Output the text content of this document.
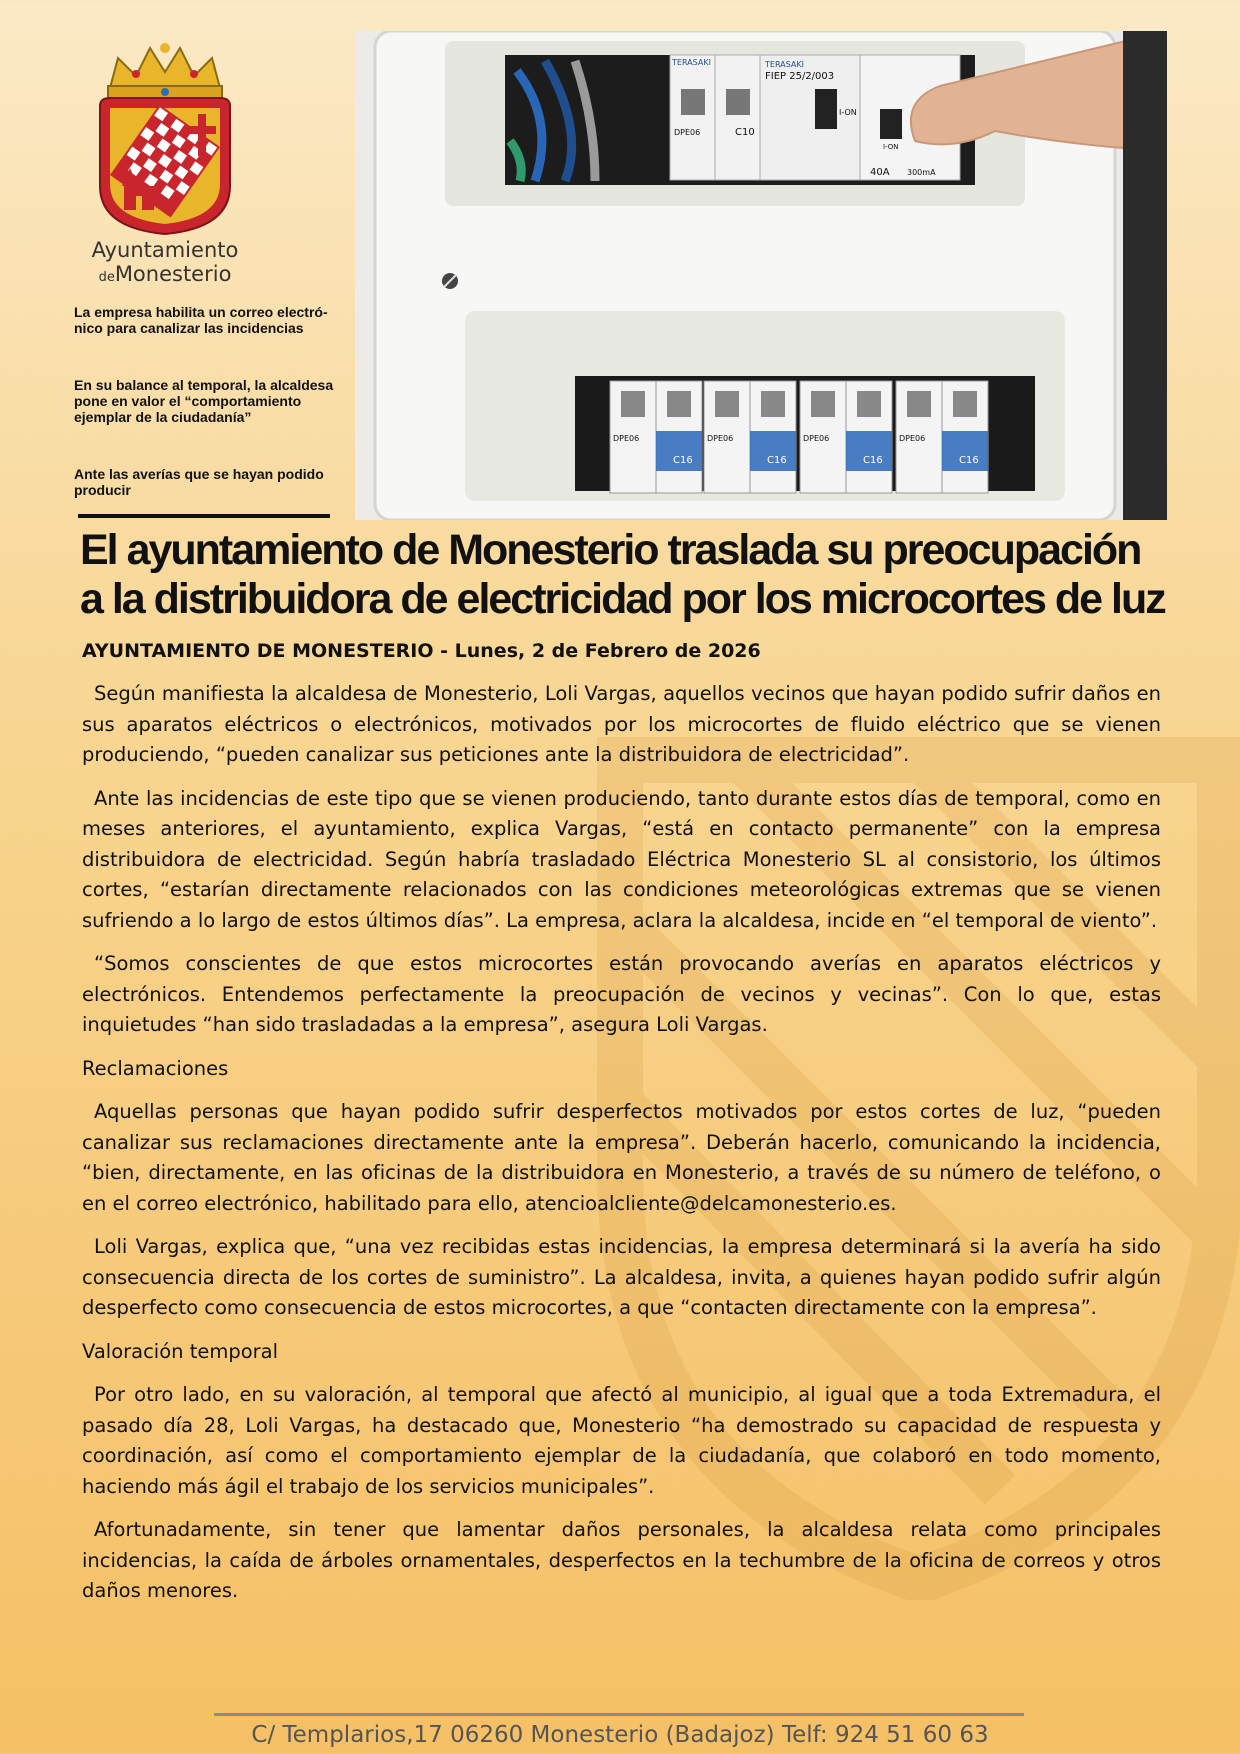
Ayuntamiento
deMonesterio

La empresa habilita un correo electró-nico para canalizar las incidencias

En su balance al temporal, la alcaldesa pone en valor el “comportamiento ejemplar de la ciudadanía”

Ante las averías que se hayan podido producir

TERASAKI
DPE06	C10
TERASAKI
FIEP 25/2/003
I-ON
I-ON
40A 300mA
DPE06	DPE06	DPE06	DPE06
C16	C16	C16	C16
El ayuntamiento de Monesterio traslada su preocupación
a la distribuidora de electricidad por los microcortes de luz

AYUNTAMIENTO DE MONESTERIO - Lunes, 2 de Febrero de 2026

Según manifiesta la alcaldesa de Monesterio, Loli Vargas, aquellos vecinos que hayan podido sufrir daños en sus aparatos eléctricos o electrónicos, motivados por los microcortes de fluido eléctrico que se vienen produciendo, “pueden canalizar sus peticiones ante la distribuidora de electricidad”.

Ante las incidencias de este tipo que se vienen produciendo, tanto durante estos días de temporal, como en meses anteriores, el ayuntamiento, explica Vargas, “está en contacto permanente” con la empresa distribuidora de electricidad. Según habría trasladado Eléctrica Monesterio SL al consistorio, los últimos cortes, “estarían directamente relacionados con las condiciones meteorológicas extremas que se vienen sufriendo a lo largo de estos últimos días”. La empresa, aclara la alcaldesa, incide en “el temporal de viento”.

“Somos conscientes de que estos microcortes están provocando averías en aparatos eléctricos y electrónicos. Entendemos perfectamente la preocupación de vecinos y vecinas”. Con lo que, estas inquietudes “han sido trasladadas a la empresa”, asegura Loli Vargas.

Reclamaciones

Aquellas personas que hayan podido sufrir desperfectos motivados por estos cortes de luz, “pueden canalizar sus reclamaciones directamente ante la empresa”. Deberán hacerlo, comunicando la incidencia, “bien, directamente, en las oficinas de la distribuidora en Monesterio, a través de su número de teléfono, o en el correo electrónico, habilitado para ello, atencioalcliente@delcamonesterio.es.

Loli Vargas, explica que, “una vez recibidas estas incidencias, la empresa determinará si la avería ha sido consecuencia directa de los cortes de suministro”. La alcaldesa, invita, a quienes hayan podido sufrir algún desperfecto como consecuencia de estos microcortes, a que “contacten directamente con la empresa”.

Valoración temporal

Por otro lado, en su valoración, al temporal que afectó al municipio, al igual que a toda Extremadura, el pasado día 28, Loli Vargas, ha destacado que, Monesterio “ha demostrado su capacidad de respuesta y coordinación, así como el comportamiento ejemplar de la ciudadanía, que colaboró en todo momento, haciendo más ágil el trabajo de los servicios municipales”.

Afortunadamente, sin tener que lamentar daños personales, la alcaldesa relata como principales incidencias, la caída de árboles ornamentales, desperfectos en la techumbre de la oficina de correos y otros daños menores.

C/ Templarios,17 06260 Monesterio (Badajoz) Telf: 924 51 60 63
